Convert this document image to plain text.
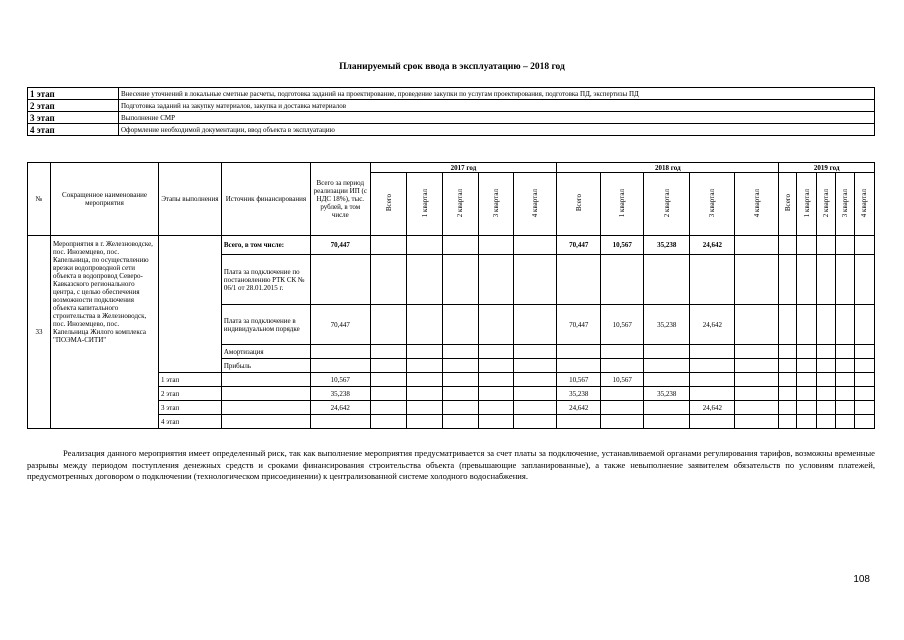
Планируемый срок ввода в эксплуатацию – 2018 год
1 этап	Внесение уточнений в локальные сметные расчеты, подготовка заданий на проектирование, проведение закупки по услугам проектирования, подготовка ПД, экспертизы ПД
2 этап	Подготовка заданий на закупку материалов, закупка и доставка материалов
3 этап	Выполнение СМР
4 этап	Оформление необходимой документации, ввод объекта в эксплуатацию
№	Сокращенное наименование мероприятия	Этапы выполнения	Источник финансирования	Всего за период реализации ИП (с НДС 18%), тыс. рублей, в том числе	2017 год					2018 год					2019 год				
					Всего	1 квартал	2 квартал	3 квартал	4 квартал	Всего	1 квартал	2 квартал	3 квартал	4 квартал	Всего	1 квартал	2 квартал	3 квартал	4 квартал
33	Мероприятия в г. Железноводске, пос. Иноземцево, пос. Капельница, по осуществлению врезки водопроводной сети объекта в водопровод Северо-Кавказского регионального центра, с целью обеспечения возможности подключения объекта капитального строительства в Железноводск, пос. Иноземцево, пос. Капельница Жилого комплекса "ПОЭМА-СИТИ"		Всего, в том числе:	70,447						70,447	10,567	35,238	24,642						
			Плата за подключение по постановлению РТК СК № 06/1 от 28.01.2015 г.																
			Плата за подключение в индивидуальном порядке	70,447						70,447	10,567	35,238	24,642						
			Амортизация																
			Прибыль																
		1 этап		10,567						10,567	10,567								
		2 этап		35,238						35,238		35,238							
		3 этап		24,642						24,642			24,642						
		4 этап																	
Реализация данного мероприятия имеет определенный риск, так как выполнение мероприятия предусматривается за счет платы за подключение, устанавливаемой органами регулирования тарифов, возможны временные разрывы между периодом поступления денежных средств и сроками финансирования строительства объекта (превышающие запланированные), а также невыполнение заявителем обязательств по условиям платежей, предусмотренных договором о подключении (технологическом присоединении) к централизованной системе холодного водоснабжения.
108
